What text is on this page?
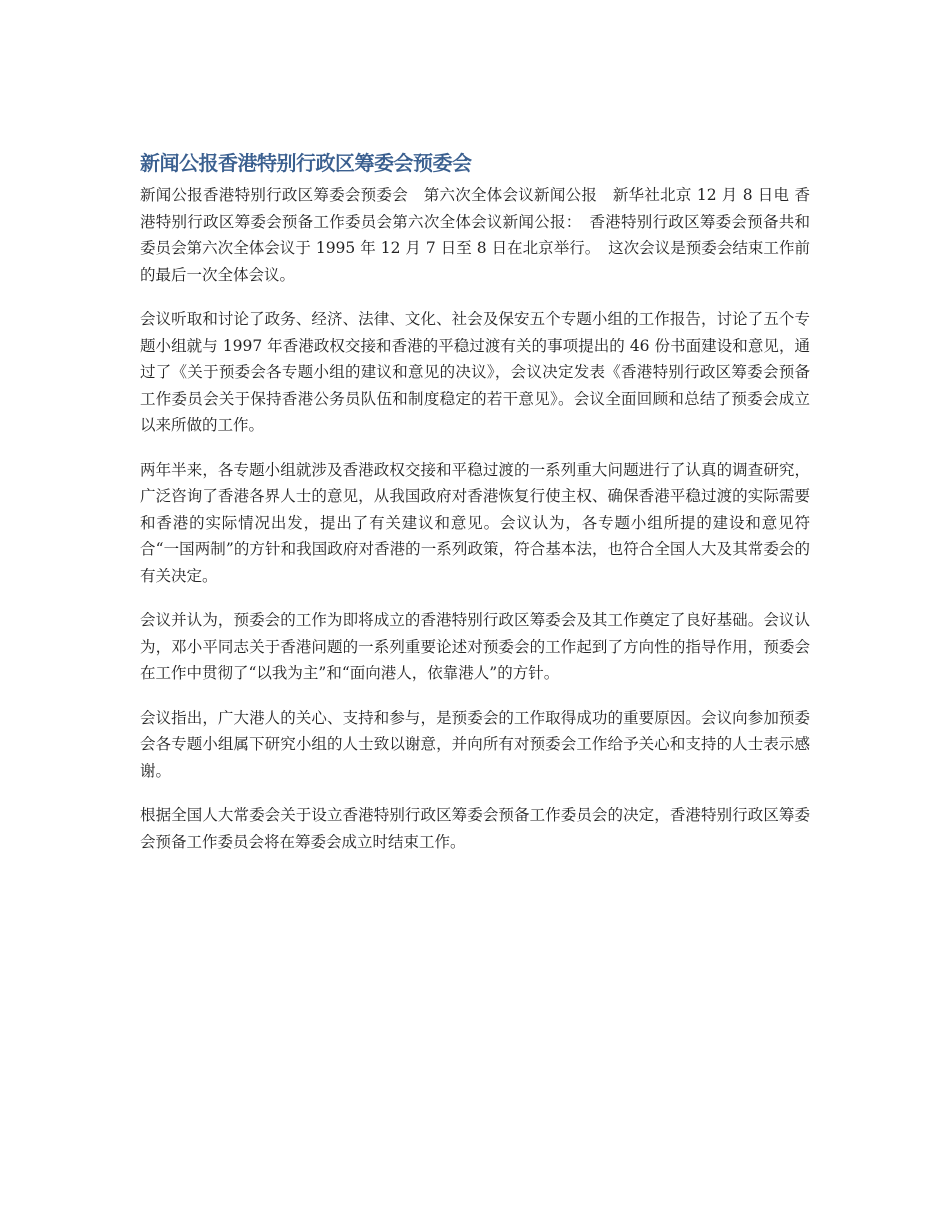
新闻公报香港特别行政区筹委会预委会

新闻公报香港特别行政区筹委会预委会　第六次全体会议新闻公报　新华社北京 12 月 8 日电 香港特别行政区筹委会预备工作委员会第六次全体会议新闻公报：　香港特别行政区筹委会预备共和委员会第六次全体会议于 1995 年 12 月 7 日至 8 日在北京举行。　这次会议是预委会结束工作前的最后一次全体会议。

会议听取和讨论了政务、经济、法律、文化、社会及保安五个专题小组的工作报告，讨论了五个专题小组就与 1997 年香港政权交接和香港的平稳过渡有关的事项提出的 46 份书面建设和意见，通过了《关于预委会各专题小组的建议和意见的决议》，会议决定发表《香港特别行政区筹委会预备工作委员会关于保持香港公务员队伍和制度稳定的若干意见》。会议全面回顾和总结了预委会成立以来所做的工作。

两年半来，各专题小组就涉及香港政权交接和平稳过渡的一系列重大问题进行了认真的调查研究，广泛咨询了香港各界人士的意见，从我国政府对香港恢复行使主权、确保香港平稳过渡的实际需要和香港的实际情况出发，提出了有关建议和意见。会议认为，各专题小组所提的建设和意见符合“一国两制”的方针和我国政府对香港的一系列政策，符合基本法，也符合全国人大及其常委会的有关决定。

会议并认为，预委会的工作为即将成立的香港特别行政区筹委会及其工作奠定了良好基础。会议认为，邓小平同志关于香港问题的一系列重要论述对预委会的工作起到了方向性的指导作用，预委会在工作中贯彻了“以我为主”和“面向港人，依靠港人”的方针。

会议指出，广大港人的关心、支持和参与，是预委会的工作取得成功的重要原因。会议向参加预委会各专题小组属下研究小组的人士致以谢意，并向所有对预委会工作给予关心和支持的人士表示感谢。

根据全国人大常委会关于设立香港特别行政区筹委会预备工作委员会的决定，香港特别行政区筹委会预备工作委员会将在筹委会成立时结束工作。
